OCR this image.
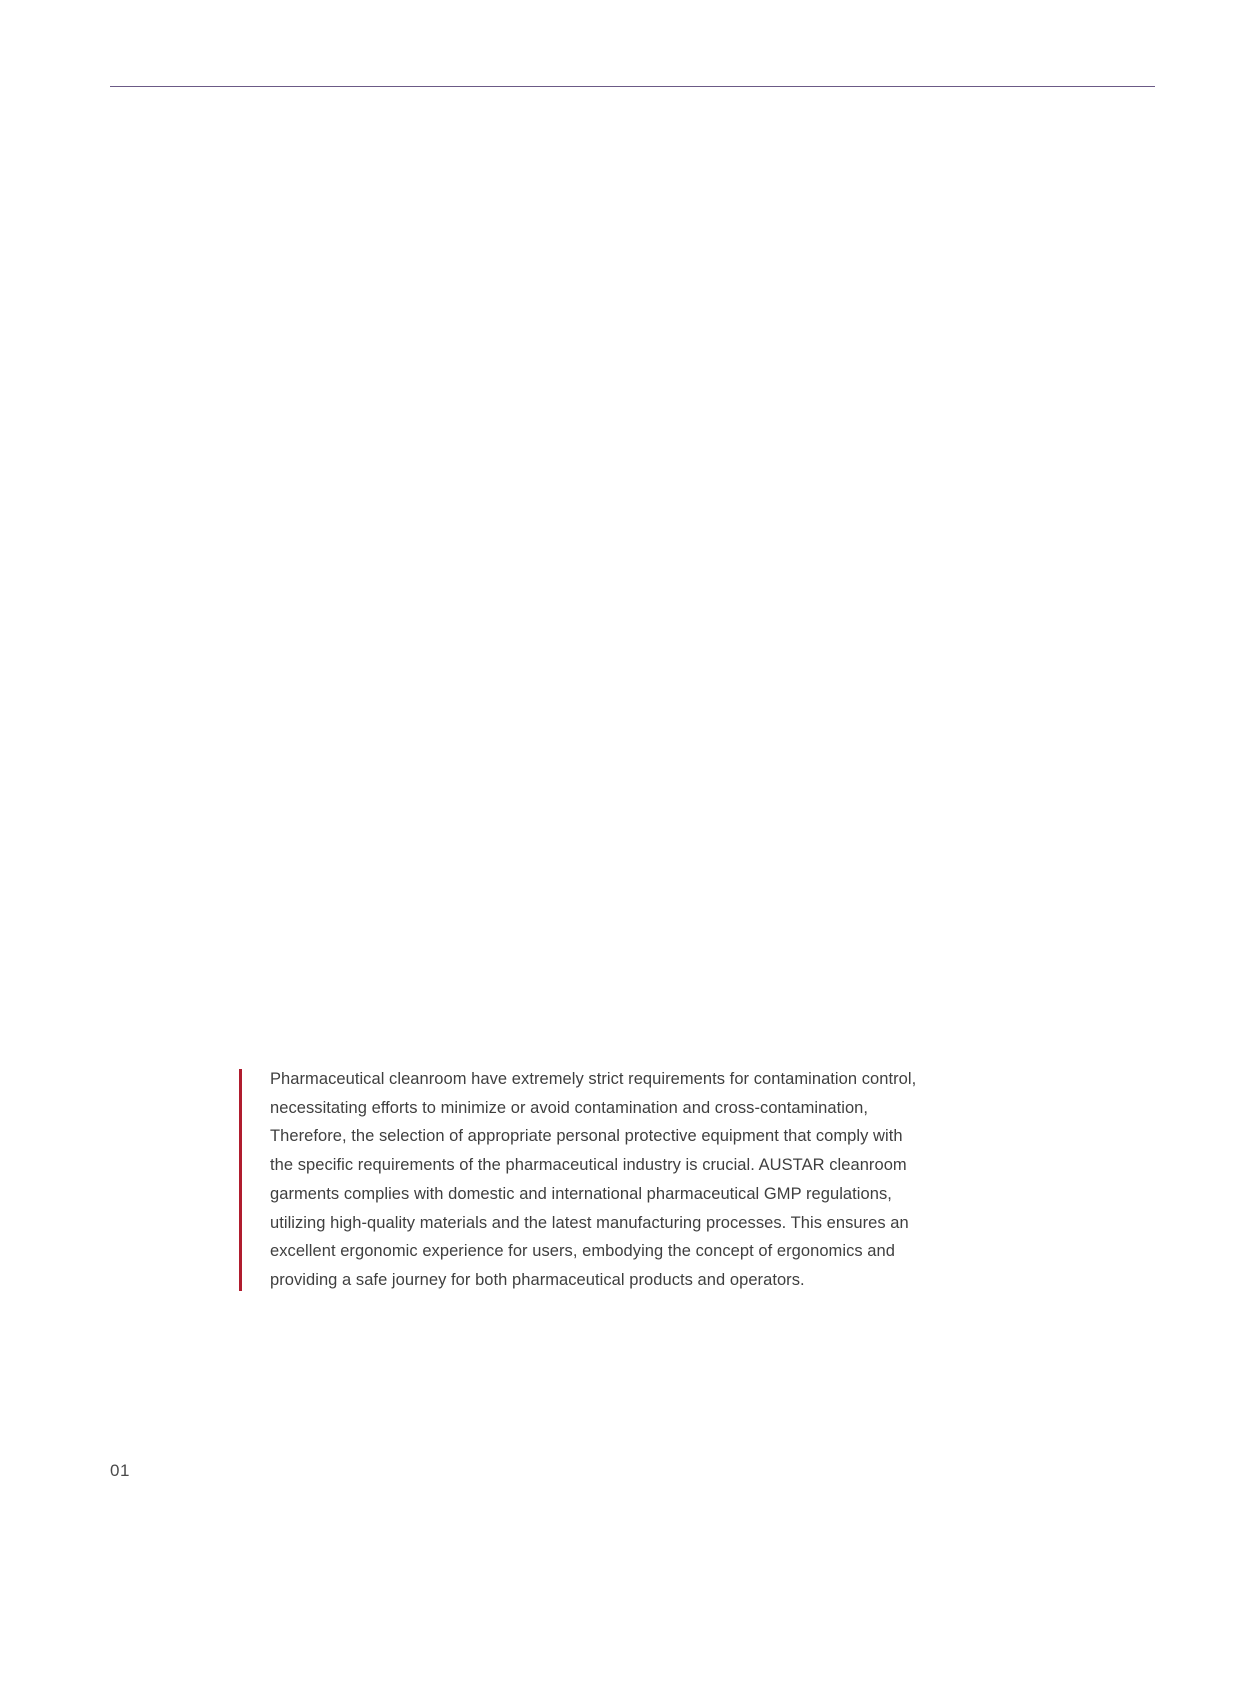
Pharmaceutical cleanroom have extremely strict requirements for contamination control, necessitating efforts to minimize or avoid contamination and cross-contamination, Therefore, the selection of appropriate personal protective equipment that comply with the specific requirements of the pharmaceutical industry is crucial. AUSTAR cleanroom garments complies with domestic and international pharmaceutical GMP regulations, utilizing high-quality materials and the latest manufacturing processes. This ensures an excellent ergonomic experience for users, embodying the concept of ergonomics and providing a safe journey for both pharmaceutical products and operators.

01
